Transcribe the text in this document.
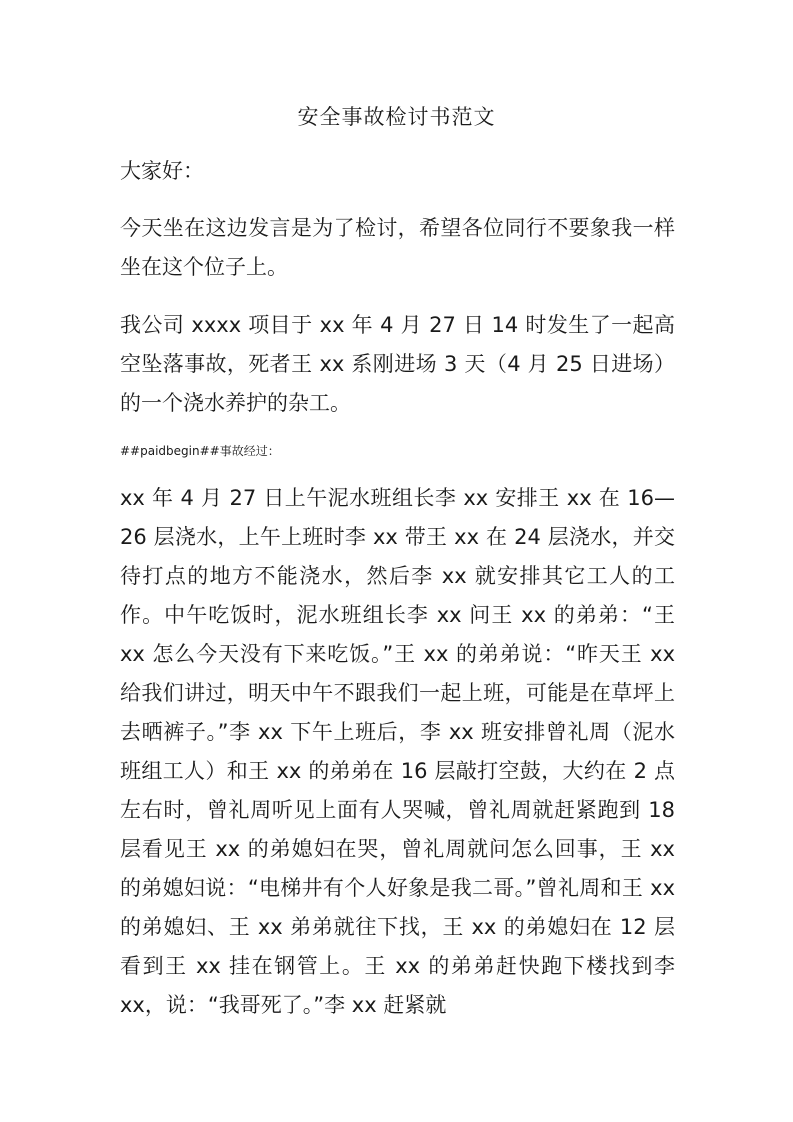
安全事故检讨书范文

大家好：

今天坐在这边发言是为了检讨，希望各位同行不要象我一样坐在这个位子上。

我公司 xxxx 项目于 xx 年 4 月 27 日 14 时发生了一起高空坠落事故，死者王 xx 系刚进场 3 天（4 月 25 日进场）的一个浇水养护的杂工。

##paidbegin##事故经过：

xx 年 4 月 27 日上午泥水班组长李 xx 安排王 xx 在 16—26 层浇水，上午上班时李 xx 带王 xx 在 24 层浇水，并交待打点的地方不能浇水，然后李 xx 就安排其它工人的工作。中午吃饭时，泥水班组长李 xx 问王 xx 的弟弟：“王 xx 怎么今天没有下来吃饭。”王 xx 的弟弟说：“昨天王 xx 给我们讲过，明天中午不跟我们一起上班，可能是在草坪上去晒裤子。”李 xx 下午上班后，李 xx 班安排曾礼周（泥水班组工人）和王 xx 的弟弟在 16 层敲打空鼓，大约在 2 点左右时，曾礼周听见上面有人哭喊，曾礼周就赶紧跑到 18 层看见王 xx 的弟媳妇在哭，曾礼周就问怎么回事，王 xx 的弟媳妇说：“电梯井有个人好象是我二哥。”曾礼周和王 xx 的弟媳妇、王 xx 弟弟就往下找，王 xx 的弟媳妇在 12 层看到王 xx 挂在钢管上。王 xx 的弟弟赶快跑下楼找到李 xx，说：“我哥死了。”李 xx 赶紧就
